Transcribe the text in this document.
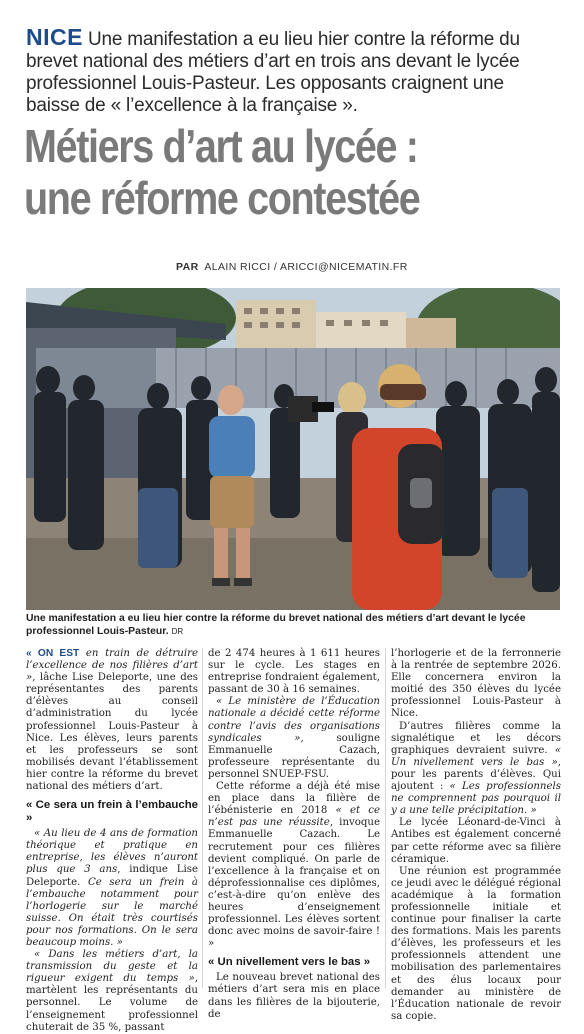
NICE Une manifestation a eu lieu hier contre la réforme du brevet national des métiers d’art en trois ans devant le lycée professionnel Louis-Pasteur. Les opposants craignent une baisse de « l’excellence à la française ».
Métiers d’art au lycée :
une réforme contestée
PAR ALAIN RICCI / ARICCI@NICEMATIN.FR
Une manifestation a eu lieu hier contre la réforme du brevet national des métiers d’art devant le lycée professionnel Louis-Pasteur. DR

« ON EST en train de détruire l’excellence de nos filières d’art », lâche Lise Deleporte, une des représentantes des parents d’élèves au conseil d’administration du lycée professionnel Louis-Pasteur à Nice. Les élèves, leurs parents et les professeurs se sont mobilisés devant l’établissement hier contre la réforme du brevet national des métiers d’art.

« Ce sera un frein à l’embauche »

« Au lieu de 4 ans de formation théorique et pratique en entreprise, les élèves n’auront plus que 3 ans, indique Lise Deleporte. Ce sera un frein à l’embauche notamment pour l’horlogerie sur le marché suisse. On était très courtisés pour nos formations. On le sera beaucoup moins. »

« Dans les métiers d’art, la transmission du geste et la rigueur exigent du temps », martèlent les représentants du personnel. Le volume de l’enseignement professionnel chuterait de 35 %, passant

de 2 474 heures à 1 611 heures sur le cycle. Les stages en entreprise fondraient également, passant de 30 à 16 semaines.

« Le ministère de l’Éducation nationale a décidé cette réforme contre l’avis des organisations syndicales », souligne Emmanuelle Cazach, professeure représentante du personnel SNUEP-FSU.

Cette réforme a déjà été mise en place dans la filière de l’ébénisterie en 2018 « et ce n’est pas une réussite, invoque Emmanuelle Cazach. Le recrutement pour ces filières devient compliqué. On parle de l’excellence à la française et on déprofessionnalise ces diplômes, c’est-à-dire qu’on enlève des heures d’enseignement professionnel. Les élèves sortent donc avec moins de savoir-faire ! »

« Un nivellement vers le bas »

Le nouveau brevet national des métiers d’art sera mis en place dans les filières de la bijouterie, de

l’horlogerie et de la ferronnerie à la rentrée de septembre 2026. Elle concernera environ la moitié des 350 élèves du lycée professionnel Louis-Pasteur à Nice.

D’autres filières comme la signalétique et les décors graphiques devraient suivre. « Un nivellement vers le bas », pour les parents d’élèves. Qui ajoutent : « Les professionnels ne comprennent pas pourquoi il y a une telle précipitation. »

Le lycée Léonard-de-Vinci à Antibes est également concerné par cette réforme avec sa filière céramique.

Une réunion est programmée ce jeudi avec le délégué régional académique à la formation professionnelle initiale et continue pour finaliser la carte des formations. Mais les parents d’élèves, les professeurs et les professionnels attendent une mobilisation des parlementaires et des élus locaux pour demander au ministère de l’Éducation nationale de revoir sa copie.
